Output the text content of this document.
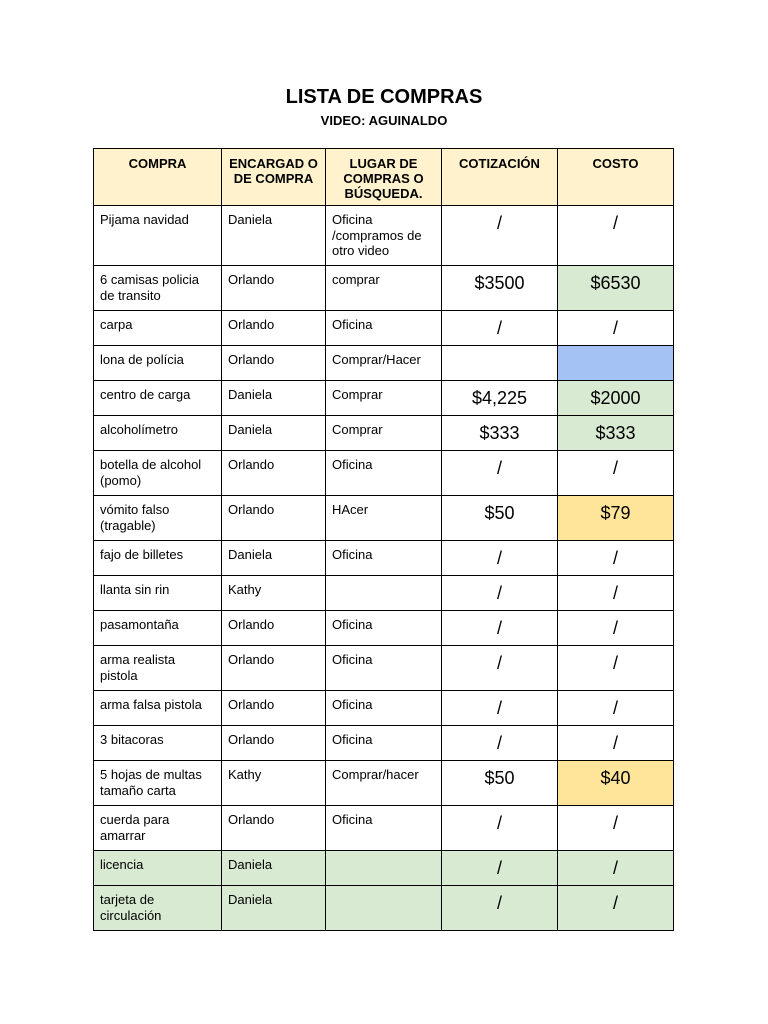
LISTA DE COMPRAS
VIDEO: AGUINALDO
COMPRA	ENCARGAD O DE COMPRA	LUGAR DE COMPRAS O BÚSQUEDA.	COTIZACIÓN	COSTO
Pijama navidad	Daniela	Oficina /compramos de otro video	/	/
6 camisas policia de transito	Orlando	comprar	$3500	$6530
carpa	Orlando	Oficina	/	/
lona de polícia	Orlando	Comprar/Hacer		
centro de carga	Daniela	Comprar	$4,225	$2000
alcoholímetro	Daniela	Comprar	$333	$333
botella de alcohol (pomo)	Orlando	Oficina	/	/
vómito falso (tragable)	Orlando	HAcer	$50	$79
fajo de billetes	Daniela	Oficina	/	/
llanta sin rin	Kathy		/	/
pasamontaña	Orlando	Oficina	/	/
arma realista pistola	Orlando	Oficina	/	/
arma falsa pistola	Orlando	Oficina	/	/
3 bitacoras	Orlando	Oficina	/	/
5 hojas de multas tamaño carta	Kathy	Comprar/hacer	$50	$40
cuerda para amarrar	Orlando	Oficina	/	/
licencia	Daniela		/	/
tarjeta de circulación	Daniela		/	/
